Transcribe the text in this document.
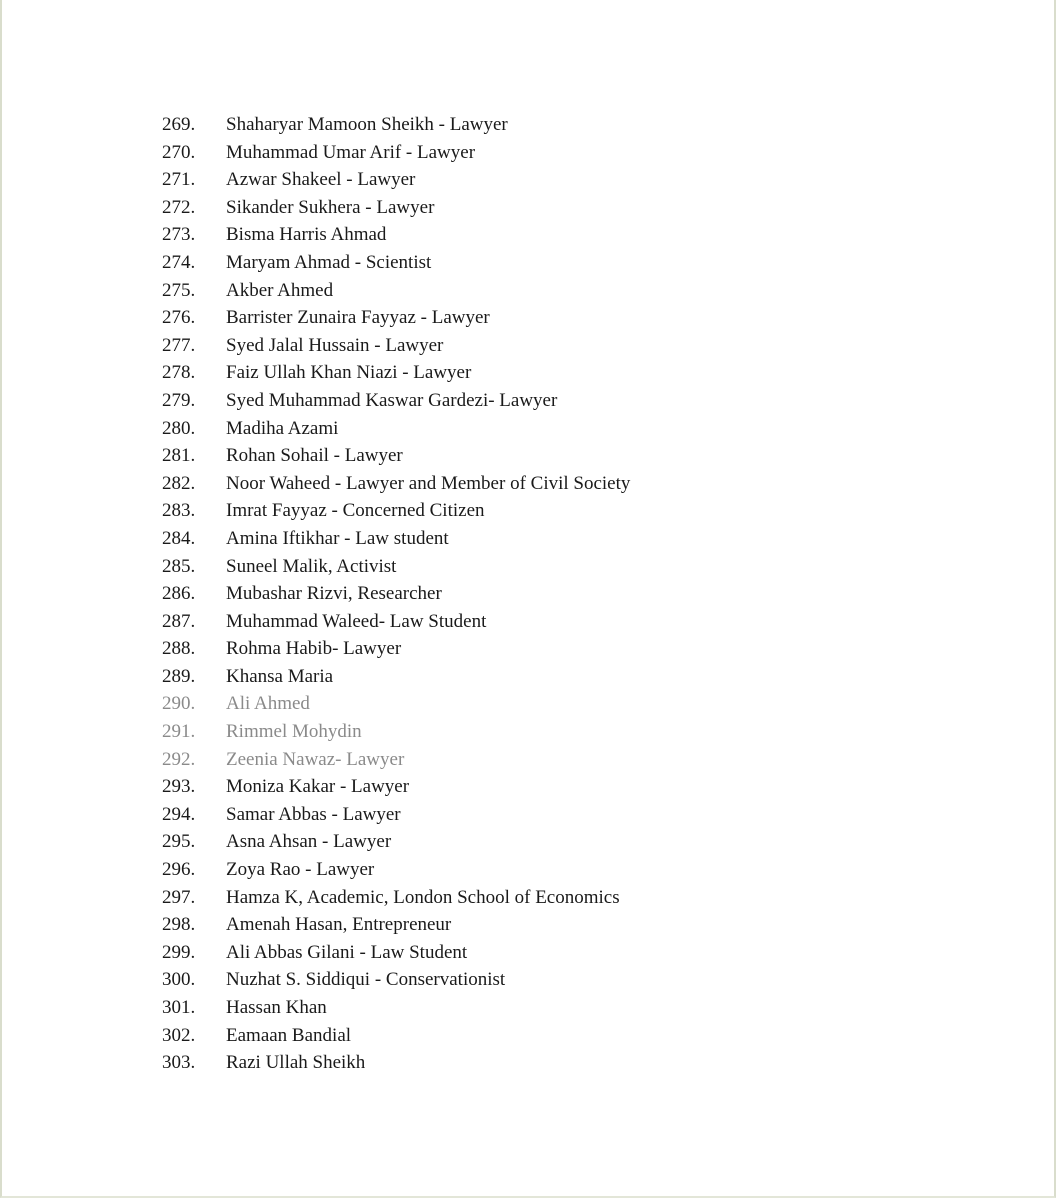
269. Shaharyar Mamoon Sheikh - Lawyer
270. Muhammad Umar Arif - Lawyer
271. Azwar Shakeel - Lawyer
272. Sikander Sukhera - Lawyer
273. Bisma Harris Ahmad
274. Maryam Ahmad - Scientist
275. Akber Ahmed
276. Barrister Zunaira Fayyaz - Lawyer
277. Syed Jalal Hussain - Lawyer
278. Faiz Ullah Khan Niazi - Lawyer
279. Syed Muhammad Kaswar Gardezi- Lawyer
280. Madiha Azami
281. Rohan Sohail - Lawyer
282. Noor Waheed - Lawyer and Member of Civil Society
283. Imrat Fayyaz - Concerned Citizen
284. Amina Iftikhar - Law student
285. Suneel Malik, Activist
286. Mubashar Rizvi, Researcher
287. Muhammad Waleed- Law Student
288. Rohma Habib- Lawyer
289. Khansa Maria
290. Ali Ahmed
291. Rimmel Mohydin
292. Zeenia Nawaz- Lawyer
293. Moniza Kakar - Lawyer
294. Samar Abbas - Lawyer
295. Asna Ahsan - Lawyer
296. Zoya Rao - Lawyer
297. Hamza K, Academic, London School of Economics
298. Amenah Hasan, Entrepreneur
299. Ali Abbas Gilani - Law Student
300. Nuzhat S. Siddiqui - Conservationist
301. Hassan Khan
302. Eamaan Bandial
303. Razi Ullah Sheikh
